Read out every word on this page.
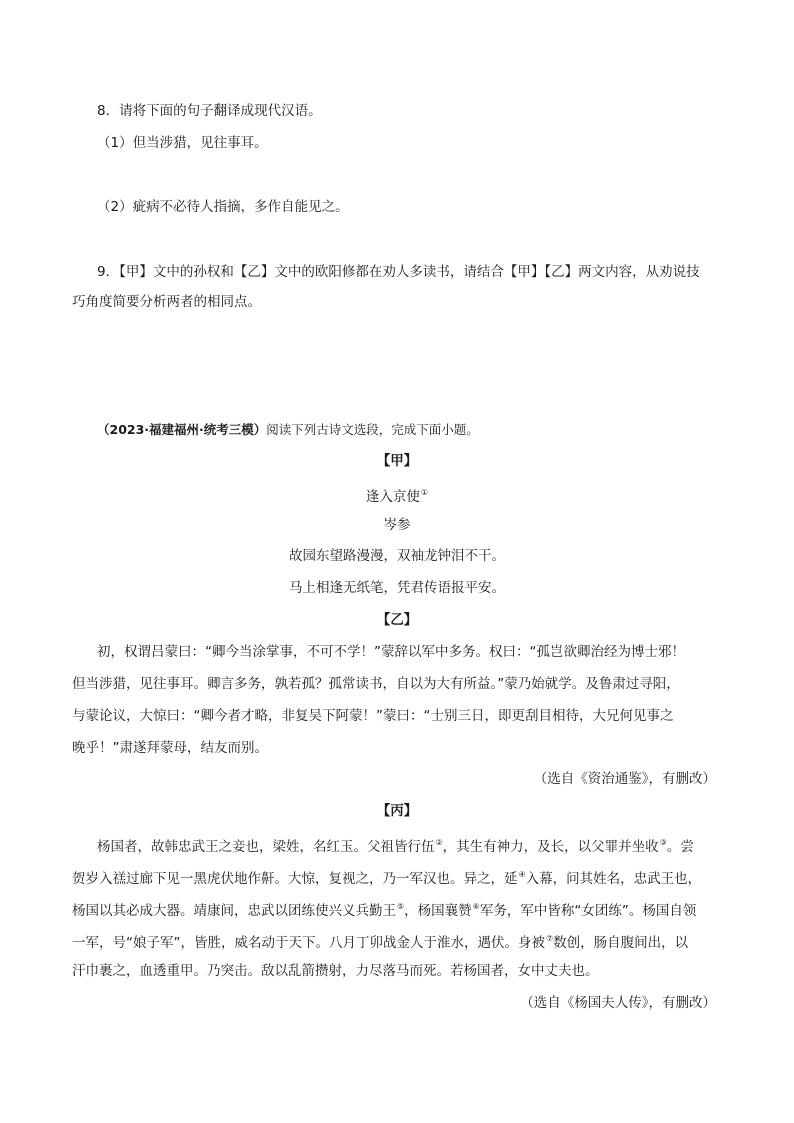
8．请将下面的句子翻译成现代汉语。
（1）但当涉猎，见往事耳。
（2）疵病不必待人指摘，多作自能见之。
9．【甲】文中的孙权和【乙】文中的欧阳修都在劝人多读书，请结合【甲】【乙】两文内容，从劝说技
巧角度简要分析两者的相同点。
（2023·福建福州·统考三模）阅读下列古诗文选段，完成下面小题。
【甲】
逢入京使①
岑参
故园东望路漫漫，双袖龙钟泪不干。
马上相逢无纸笔，凭君传语报平安。
【乙】
初，权谓吕蒙曰：“卿今当涂掌事，不可不学！”蒙辞以军中多务。权曰：“孤岂欲卿治经为博士邪！
但当涉猎，见往事耳。卿言多务，孰若孤？孤常读书，自以为大有所益。”蒙乃始就学。及鲁肃过寻阳，
与蒙论议，大惊曰：“卿今者才略，非复吴下阿蒙！”蒙曰：“士别三日，即更刮目相待，大兄何见事之
晚乎！”肃遂拜蒙母，结友而别。
（选自《资治通鉴》，有删改）
【丙】
杨国者，故韩忠武王之妾也，梁姓，名红玉。父祖皆行伍②，其生有神力，及长，以父罪并坐收③。尝
贺岁入禚过廊下见一黑虎伏地作鼾。大惊，复视之，乃一军汉也。异之，延④入幕，问其姓名，忠武王也，
杨国以其必成大器。靖康间，忠武以团练使兴义兵勤王⑤，杨国襄赞⑥军务，军中皆称“女团练”。杨国自领
一军，号“娘子军”，皆胜，威名动于天下。八月丁卯战金人于淮水，遇伏。身被⑦数创，肠自腹间出，以
汗巾裹之，血透重甲。乃突击。敌以乱箭攒射，力尽落马而死。若杨国者，女中丈夫也。
（选自《杨国夫人传》，有删改）
